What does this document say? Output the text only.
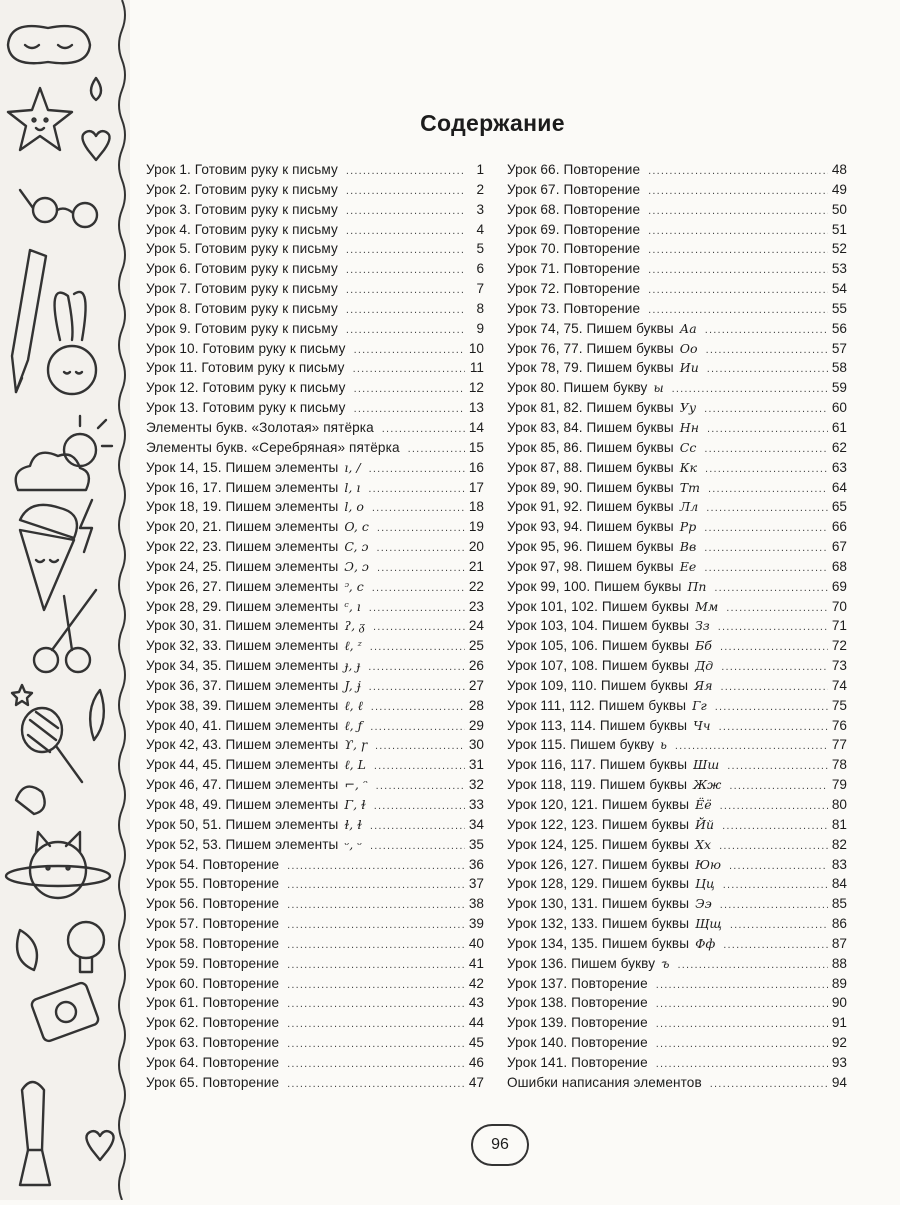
Содержание
Урок 1. Готовим руку к письму .....	1
Урок 2. Готовим руку к письму .....	2
Урок 3. Готовим руку к письму .....	3
Урок 4. Готовим руку к письму .....	4
Урок 5. Готовим руку к письму .....	5
Урок 6. Готовим руку к письму .....	6
Урок 7. Готовим руку к письму .....	7
Урок 8. Готовим руку к письму .....	8
Урок 9. Готовим руку к письму .....	9
Урок 10. Готовим руку к письму .....	10
Урок 11. Готовим руку к письму .....	11
Урок 12. Готовим руку к письму .....	12
Урок 13. Готовим руку к письму .....	13
Элементы букв. «Золотая» пятёрка .....	14
Элементы букв. «Серебряная» пятёрка .....	15
Урок 14, 15. Пишем элементы ı, / .....	16
Урок 16, 17. Пишем элементы l, ı .....	17
Урок 18, 19. Пишем элементы l, o .....	18
Урок 20, 21. Пишем элементы O, c .....	19
Урок 22, 23. Пишем элементы C, ɔ .....	20
Урок 24, 25. Пишем элементы Ɔ, ɔ .....	21
Урок 26, 27. Пишем элементы ᵓ, c .....	22
Урок 28, 29. Пишем элементы ᶜ, ı .....	23
Урок 30, 31. Пишем элементы ʔ, ᵹ .....	24
Урок 32, 33. Пишем элементы ℓ, ᶻ .....	25
Урок 34, 35. Пишем элементы ɟ, ɟ .....	26
Урок 36, 37. Пишем элементы J, ɉ .....	27
Урок 38, 39. Пишем элементы ℓ, ℓ .....	28
Урок 40, 41. Пишем элементы ℓ, ƒ .....	29
Урок 42, 43. Пишем элементы ϒ, ɼ .....	30
Урок 44, 45. Пишем элементы ℓ, L .....	31
Урок 46, 47. Пишем элементы ⌐, ᵔ .....	32
Урок 48, 49. Пишем элементы Γ, ɫ .....	33
Урок 50, 51. Пишем элементы ɫ, ɫ .....	34
Урок 52, 53. Пишем элементы ᵕ, ᵕ .....	35
Урок 54. Повторение .....	36
Урок 55. Повторение .....	37
Урок 56. Повторение .....	38
Урок 57. Повторение .....	39
Урок 58. Повторение .....	40
Урок 59. Повторение .....	41
Урок 60. Повторение .....	42
Урок 61. Повторение .....	43
Урок 62. Повторение .....	44
Урок 63. Повторение .....	45
Урок 64. Повторение .....	46
Урок 65. Повторение .....	47
Урок 66. Повторение .....	48
Урок 67. Повторение .....	49
Урок 68. Повторение .....	50
Урок 69. Повторение .....	51
Урок 70. Повторение .....	52
Урок 71. Повторение .....	53
Урок 72. Повторение .....	54
Урок 73. Повторение .....	55
Урок 74, 75. Пишем буквы Аа .....	56
Урок 76, 77. Пишем буквы Оо .....	57
Урок 78, 79. Пишем буквы Ии .....	58
Урок 80. Пишем букву ы .....	59
Урок 81, 82. Пишем буквы Уу .....	60
Урок 83, 84. Пишем буквы Нн .....	61
Урок 85, 86. Пишем буквы Сс .....	62
Урок 87, 88. Пишем буквы Кк .....	63
Урок 89, 90. Пишем буквы Тт .....	64
Урок 91, 92. Пишем буквы Лл .....	65
Урок 93, 94. Пишем буквы Рр .....	66
Урок 95, 96. Пишем буквы Вв .....	67
Урок 97, 98. Пишем буквы Ее .....	68
Урок 99, 100. Пишем буквы Пп .....	69
Урок 101, 102. Пишем буквы Мм .....	70
Урок 103, 104. Пишем буквы Зз .....	71
Урок 105, 106. Пишем буквы Бб .....	72
Урок 107, 108. Пишем буквы Дд .....	73
Урок 109, 110. Пишем буквы Яя .....	74
Урок 111, 112. Пишем буквы Гг .....	75
Урок 113, 114. Пишем буквы Чч .....	76
Урок 115. Пишем букву ь .....	77
Урок 116, 117. Пишем буквы Шш .....	78
Урок 118, 119. Пишем буквы Жж .....	79
Урок 120, 121. Пишем буквы Ёё .....	80
Урок 122, 123. Пишем буквы Йй .....	81
Урок 124, 125. Пишем буквы Хх .....	82
Урок 126, 127. Пишем буквы Юю .....	83
Урок 128, 129. Пишем буквы Цц .....	84
Урок 130, 131. Пишем буквы Ээ .....	85
Урок 132, 133. Пишем буквы Щщ .....	86
Урок 134, 135. Пишем буквы Фф .....	87
Урок 136. Пишем букву ъ .....	88
Урок 137. Повторение .....	89
Урок 138. Повторение .....	90
Урок 139. Повторение .....	91
Урок 140. Повторение .....	92
Урок 141. Повторение .....	93
Ошибки написания элементов .....	94
96
